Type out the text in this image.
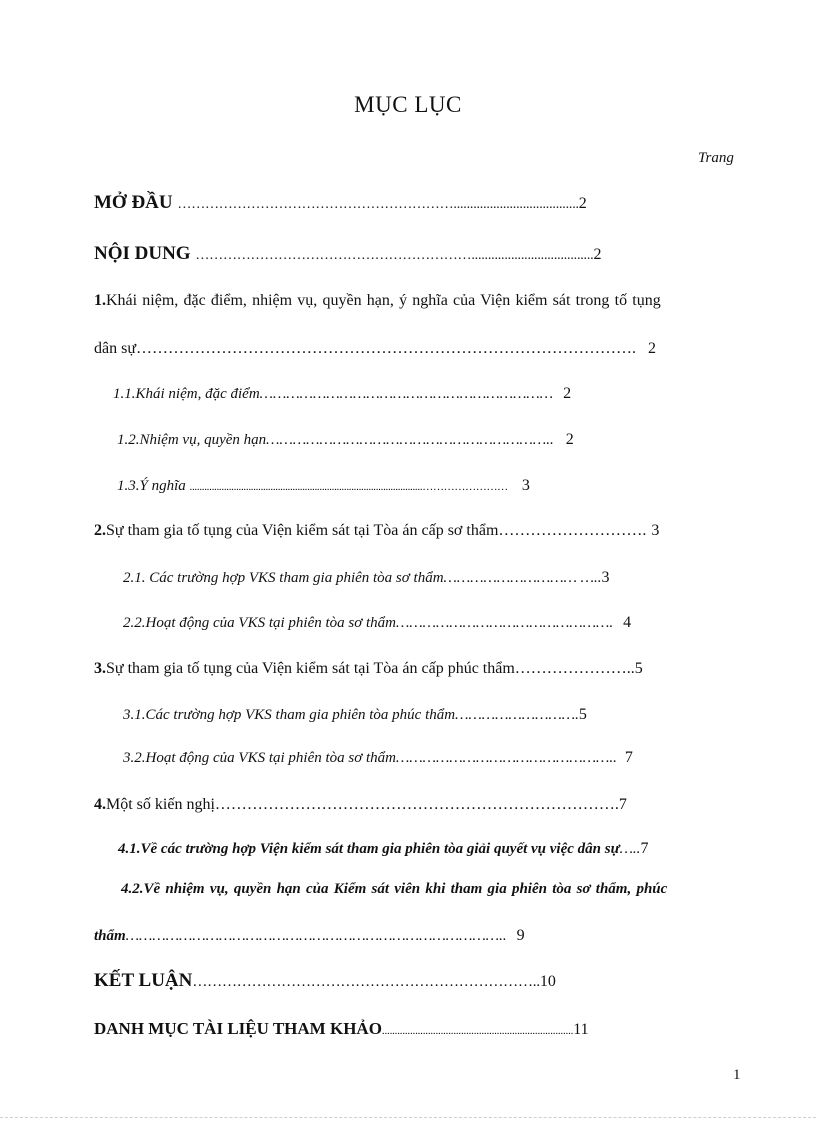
MỤC LỤC
Trang
MỞ ĐẦU ……………………………………………………......................................2
NỘI DUNG …………………………………………………….....................................2
1.Khái niệm, đặc điểm, nhiệm vụ, quyền hạn, ý nghĩa của Viện kiểm sát trong tố tụng
dân sự…………………………………………………………………………………. 2
1.1.Khái niệm, đặc điểm………………………………………………………… 2
1.2.Nhiệm vụ, quyền hạn……………………………………………………….. 2
1.3.Ý nghĩa ...............................................................................................…………………… 3
2.Sự tham gia tố tụng của Viện kiểm sát tại Tòa án cấp sơ thẩm………………………. 3
2.1. Các trường hợp VKS tham gia phiên tòa sơ thẩm………………………… …..3
2.2.Hoạt động của VKS tại phiên tòa sơ thẩm…………………………………………. 4
3.Sự tham gia tố tụng của Viện kiểm sát tại Tòa án cấp phúc thẩm…………………..5
3.1.Các trường hợp VKS tham gia phiên tòa phúc thẩm……………………….5
3.2.Hoạt động của VKS tại phiên tòa sơ thẩm………………………………………….. 7
4.Một số kiến nghị………………………………………………………………….7
4.1.Về các trường hợp Viện kiểm sát tham gia phiên tòa giải quyết vụ việc dân sự…..7
4.2.Về nhiệm vụ, quyền hạn của Kiểm sát viên khi tham gia phiên tòa sơ thẩm, phúc
thẩm………………………………………………………………………….. 9
KẾT LUẬN……………………………………………………………..10
DANH MỤC TÀI LIỆU THAM KHẢO...........................................................................11
1
